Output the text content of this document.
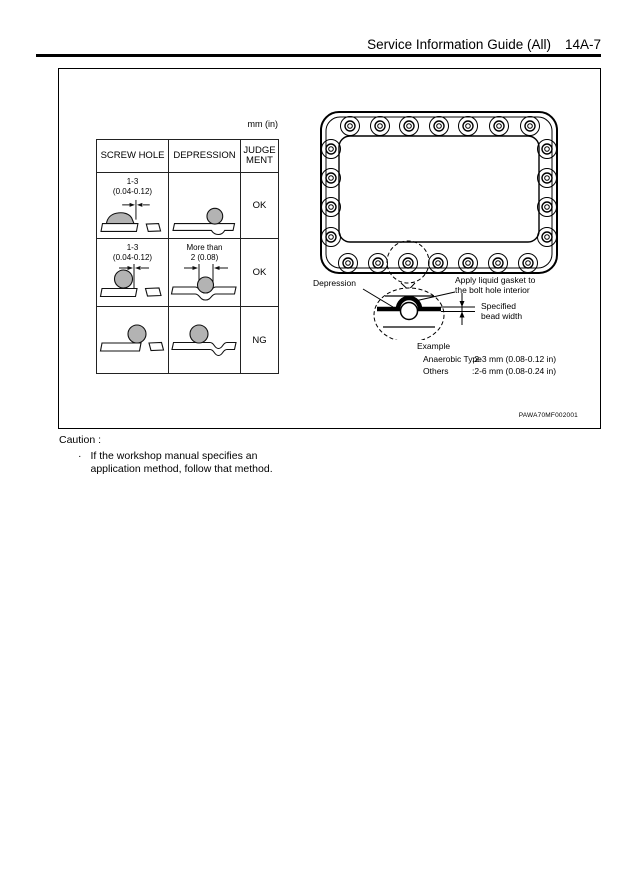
Service Information Guide (All) 14A-7
mm (in)
SCREW HOLE DEPRESSION JUDGE MENT
1-3
(0.04-0.12)
OK
1-3
(0.04-0.12)
More than
2 (0.08)
OK
NG
Depression	Apply liquid gasket to
the bolt hole interior
Specified
bead width
Example
Anaerobic Type
:2-3 mm (0.08-0.12 in)
Others	:2-6 mm (0.08-0.24 in)
PAWA70MF002001
Caution :
· If the workshop manual specifies an application method, follow that method.
